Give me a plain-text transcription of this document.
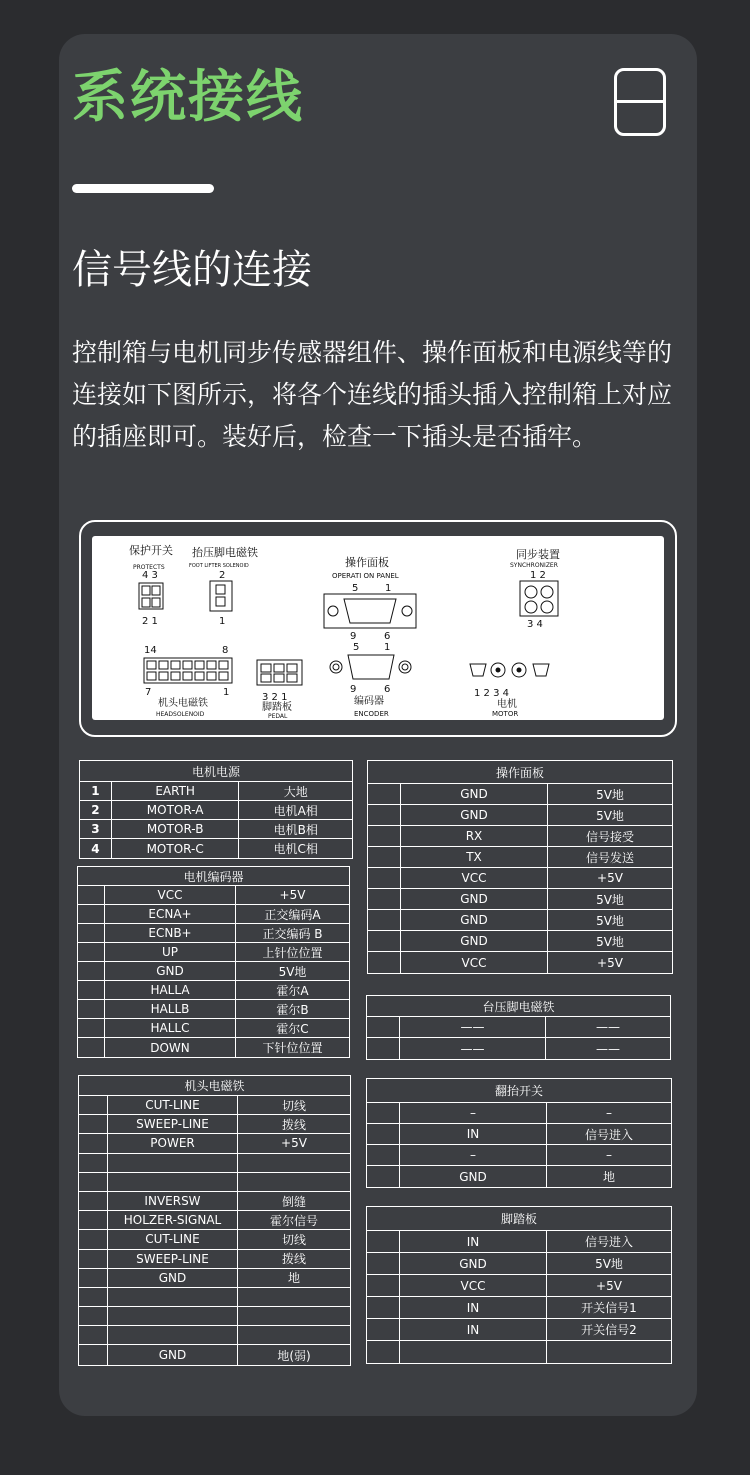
系统接线
信号线的连接
控制箱与电机同步传感器组件、操作面板和电源线等的连接如下图所示，将各个连线的插头插入控制箱上对应的插座即可。装好后，检查一下插头是否插牢。
保护开关
PROTECTS
4 3
2 1
抬压脚电磁铁
FOOT LIFTER SOLENOID
2
1
操作面板
OPERATI ON PANEL
5	1
9	6
同步装置
SYNCHRONIZER
1 2
3 4
14	8
7	1
机头电磁铁
HEADSOLENOID
3 2 1
脚踏板
PEDAL
5 1
9	6
编码器
ENCODER
1 2 3 4
电机
MOTOR
电机电源
1	EARTH	大地
2	MOTOR-A	电机A相
3	MOTOR-B	电机B相
4	MOTOR-C	电机C相
电机编码器
VCC	+5V
ECNA+	正交编码A
ECNB+	正交编码 B
UP	上针位位置
GND	5V地
HALLA	霍尔A
HALLB	霍尔B
HALLC	霍尔C
DOWN	下针位位置
机头电磁铁
CUT-LINE	切线
SWEEP-LINE	拨线
POWER	+5V
INVERSW	倒缝
HOLZER-SIGNAL	霍尔信号
CUT-LINE	切线
SWEEP-LINE	拨线
GND	地
GND	地(弱)
操作面板
GND	5V地
GND	5V地
RX	信号接受
TX	信号发送
VCC	+5V
GND	5V地
GND	5V地
GND	5V地
VCC	+5V
台压脚电磁铁
——	——
——	——
翻抬开关
–	–
IN	信号进入
–	–
GND	地
脚踏板
IN	信号进入
GND	5V地
VCC	+5V
IN	开关信号1
IN	开关信号2
